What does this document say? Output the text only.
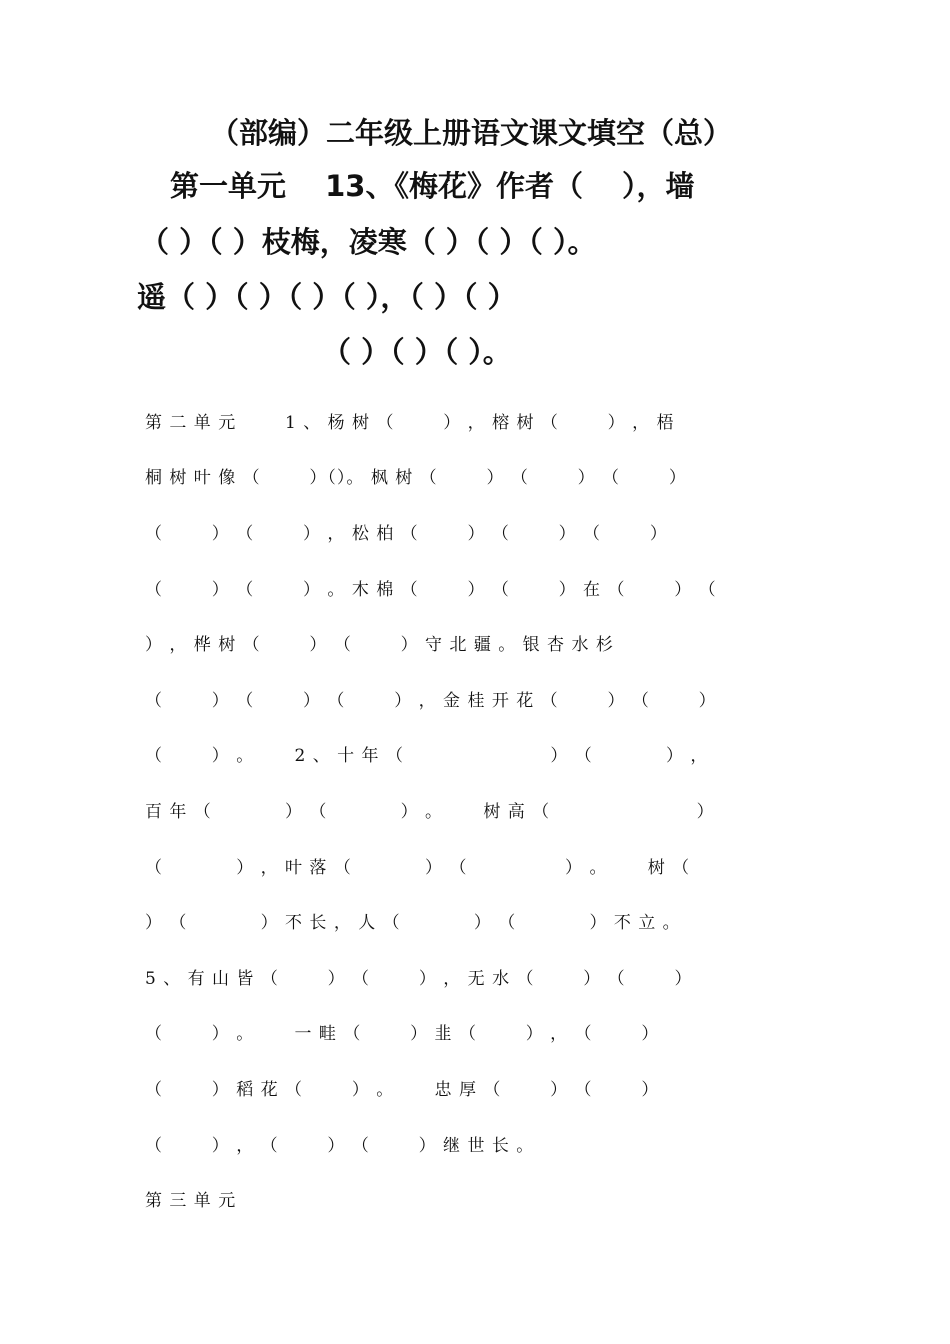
（部编）二年级上册语文课文填空（总）
第一单元　 13、《梅花》作者（　 ），墙
（ ）（ ）枝梅，凌寒（ ）（ ）（ ）。
遥（ ）（ ）（ ）（ ），（ ）（ ）
（ ）（ ）（ ）。
第 二 单 元　 　 1 、 杨 树 （　 　 ） ， 榕 树 （　 　 ） ， 梧
桐 树 叶 像 （　 　 ）（）。 枫 树 （　 　 ） （　 　 ） （　 　 ）
（　 　 ） （　 　 ） ， 松 柏 （　 　 ） （　 　 ） （　 　 ）
（　 　 ） （　 　 ） 。 木 棉 （　 　 ） （　 　 ） 在 （　 　 ） （
） ， 桦 树 （　 　 ） （　 　 ） 守 北 疆 。 银 杏 水 杉
（　 　 ） （　 　 ） （　 　 ） ， 金 桂 开 花 （　 　 ） （　 　 ）
（　 　 ） 。　 　 2 、 十 年 （　 　 　 　 　 　 ） （　 　 　 ） ，
百 年 （　 　 　 ） （　 　 　 ） 。　 　 树 高 （　 　 　 　 　 　 ）
（　 　 　 ） ， 叶 落 （　 　 　 ） （　 　 　 　 ） 。　 　 树 （
） （　 　 　 ） 不 长 ， 人 （　 　 　 ） （　 　 　 ） 不 立 。
5 、 有 山 皆 （　 　 ） （　 　 ） ， 无 水 （　 　 ） （　 　 ）
（　 　 ） 。　 　 一 畦 （　 　 ） 韭 （　 　 ） ， （　 　 ）
（　 　 ） 稻 花 （　 　 ） 。　 　 忠 厚 （　 　 ） （　 　 ）
（　 　 ） ， （　 　 ） （　 　 ） 继 世 长 。
第 三 单 元
